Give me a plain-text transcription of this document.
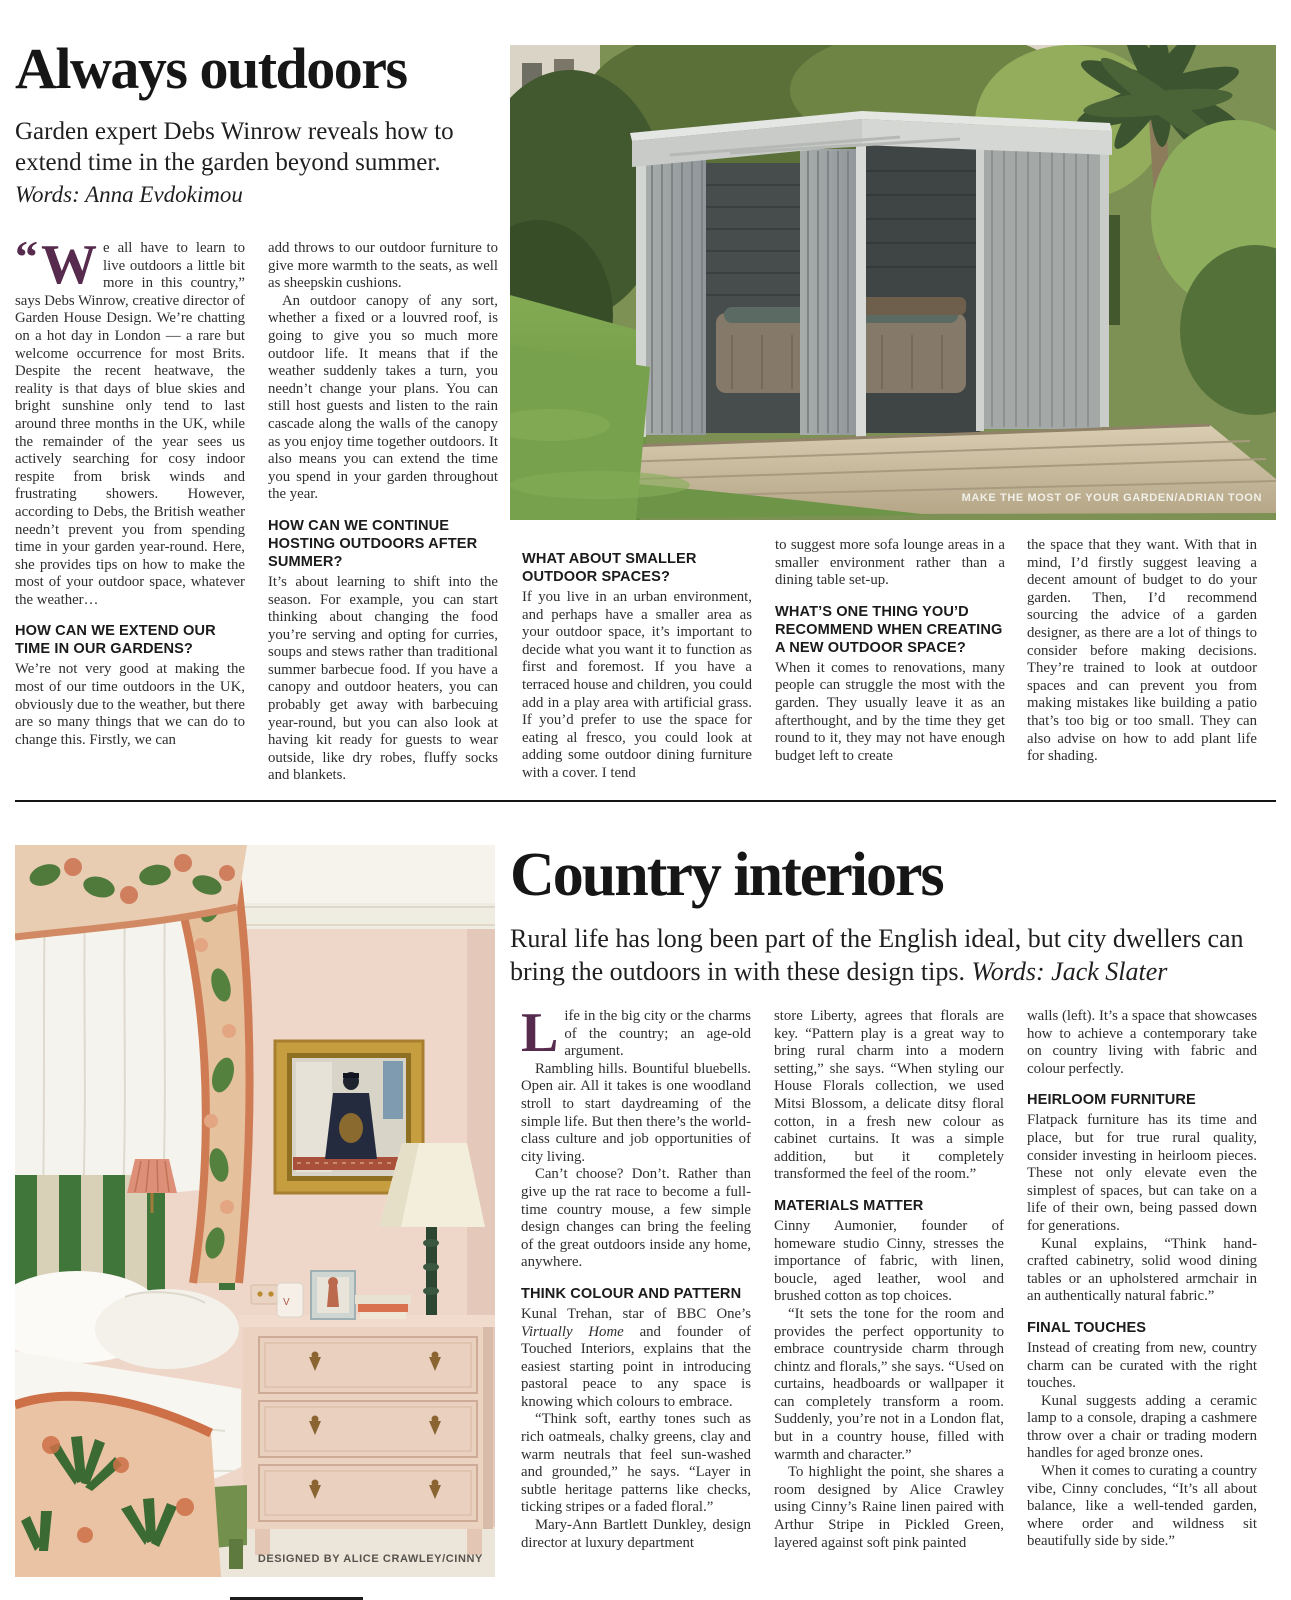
Always outdoors
Garden expert Debs Winrow reveals how to extend time in the garden beyond summer.
Words: Anna Evdokimou
MAKE THE MOST OF YOUR GARDEN/ADRIAN TOON

“ W e all have to learn to live outdoors a little bit more in this country,” says Debs Winrow, creative director of Garden House Design. We’re chatting on a hot day in London — a rare but welcome occurrence for most Brits. Despite the recent heatwave, the reality is that days of blue skies and bright sunshine only tend to last around three months in the UK, while the remainder of the year sees us actively searching for cosy indoor respite from brisk winds and frustrating showers. However, according to Debs, the British weather needn’t prevent you from spending time in your garden year-round. Here, she provides tips on how to make the most of your outdoor space, whatever the weather…

HOW CAN WE EXTEND OUR TIME IN OUR GARDENS?

We’re not very good at making the most of our time outdoors in the UK, obviously due to the weather, but there are so many things that we can do to change this. Firstly, we can

add throws to our outdoor furniture to give more warmth to the seats, as well as sheepskin cushions.

An outdoor canopy of any sort, whether a fixed or a louvred roof, is going to give you so much more outdoor life. It means that if the weather suddenly takes a turn, you needn’t change your plans. You can still host guests and listen to the rain cascade along the walls of the canopy as you enjoy time together outdoors. It also means you can extend the time you spend in your garden throughout the year.

HOW CAN WE CONTINUE HOSTING OUTDOORS AFTER SUMMER?

It’s about learning to shift into the season. For example, you can start thinking about changing the food you’re serving and opting for curries, soups and stews rather than traditional summer barbecue food. If you have a canopy and outdoor heaters, you can probably get away with barbecuing year-round, but you can also look at having kit ready for guests to wear outside, like dry robes, fluffy socks and blankets.

WHAT ABOUT SMALLER OUTDOOR SPACES?

If you live in an urban environment, and perhaps have a smaller area as your outdoor space, it’s important to decide what you want it to function as first and foremost. If you have a terraced house and children, you could add in a play area with artificial grass. If you’d prefer to use the space for eating al fresco, you could look at adding some outdoor dining furniture with a cover. I tend

to suggest more sofa lounge areas in a smaller environment rather than a dining table set-up.

WHAT’S ONE THING YOU’D RECOMMEND WHEN CREATING A NEW OUTDOOR SPACE?

When it comes to renovations, many people can struggle the most with the garden. They usually leave it as an afterthought, and by the time they get round to it, they may not have enough budget left to create

the space that they want. With that in mind, I’d firstly suggest leaving a decent amount of budget to do your garden. Then, I’d recommend sourcing the advice of a garden designer, as there are a lot of things to consider before making decisions. They’re trained to look at outdoor spaces and can prevent you from making mistakes like building a patio that’s too big or too small. They can also advise on how to add plant life for shading.

V
DESIGNED BY ALICE CRAWLEY/CINNY
Country interiors
Rural life has long been part of the English ideal, but city dwellers can bring the outdoors in with these design tips. Words: Jack Slater

Life in the big city or the charms of the country; an age-old argument.

Rambling hills. Bountiful bluebells. Open air. All it takes is one woodland stroll to start daydreaming of the simple life. But then there’s the world-class culture and job opportunities of city living.

Can’t choose? Don’t. Rather than give up the rat race to become a full-time country mouse, a few simple design changes can bring the feeling of the great outdoors inside any home, anywhere.

THINK COLOUR AND PATTERN

Kunal Trehan, star of BBC One’s Virtually Home and founder of Touched Interiors, explains that the easiest starting point in introducing pastoral peace to any space is knowing which colours to embrace.

“Think soft, earthy tones such as rich oatmeals, chalky greens, clay and warm neutrals that feel sun-washed and grounded,” he says. “Layer in subtle heritage patterns like checks, ticking stripes or a faded floral.”

Mary-Ann Bartlett Dunkley, design director at luxury department

store Liberty, agrees that florals are key. “Pattern play is a great way to bring rural charm into a modern setting,” she says. “When styling our House Florals collection, we used Mitsi Blossom, a delicate ditsy floral cotton, in a fresh new colour as cabinet curtains. It was a simple addition, but it completely transformed the feel of the room.”

MATERIALS MATTER

Cinny Aumonier, founder of homeware studio Cinny, stresses the importance of fabric, with linen, boucle, aged leather, wool and brushed cotton as top choices.

“It sets the tone for the room and provides the perfect opportunity to embrace countryside charm through chintz and florals,” she says. “Used on curtains, headboards or wallpaper it can completely transform a room. Suddenly, you’re not in a London flat, but in a country house, filled with warmth and character.”

To highlight the point, she shares a room designed by Alice Crawley using Cinny’s Raine linen paired with Arthur Stripe in Pickled Green, layered against soft pink painted

walls (left). It’s a space that showcases how to achieve a contemporary take on country living with fabric and colour perfectly.

HEIRLOOM FURNITURE

Flatpack furniture has its time and place, but for true rural quality, consider investing in heirloom pieces. These not only elevate even the simplest of spaces, but can take on a life of their own, being passed down for generations.

Kunal explains, “Think hand-crafted cabinetry, solid wood dining tables or an upholstered armchair in an authentically natural fabric.”

FINAL TOUCHES

Instead of creating from new, country charm can be curated with the right touches.

Kunal suggests adding a ceramic lamp to a console, draping a cashmere throw over a chair or trading modern handles for aged bronze ones.

When it comes to curating a country vibe, Cinny concludes, “It’s all about balance, like a well-tended garden, where order and wildness sit beautifully side by side.”
